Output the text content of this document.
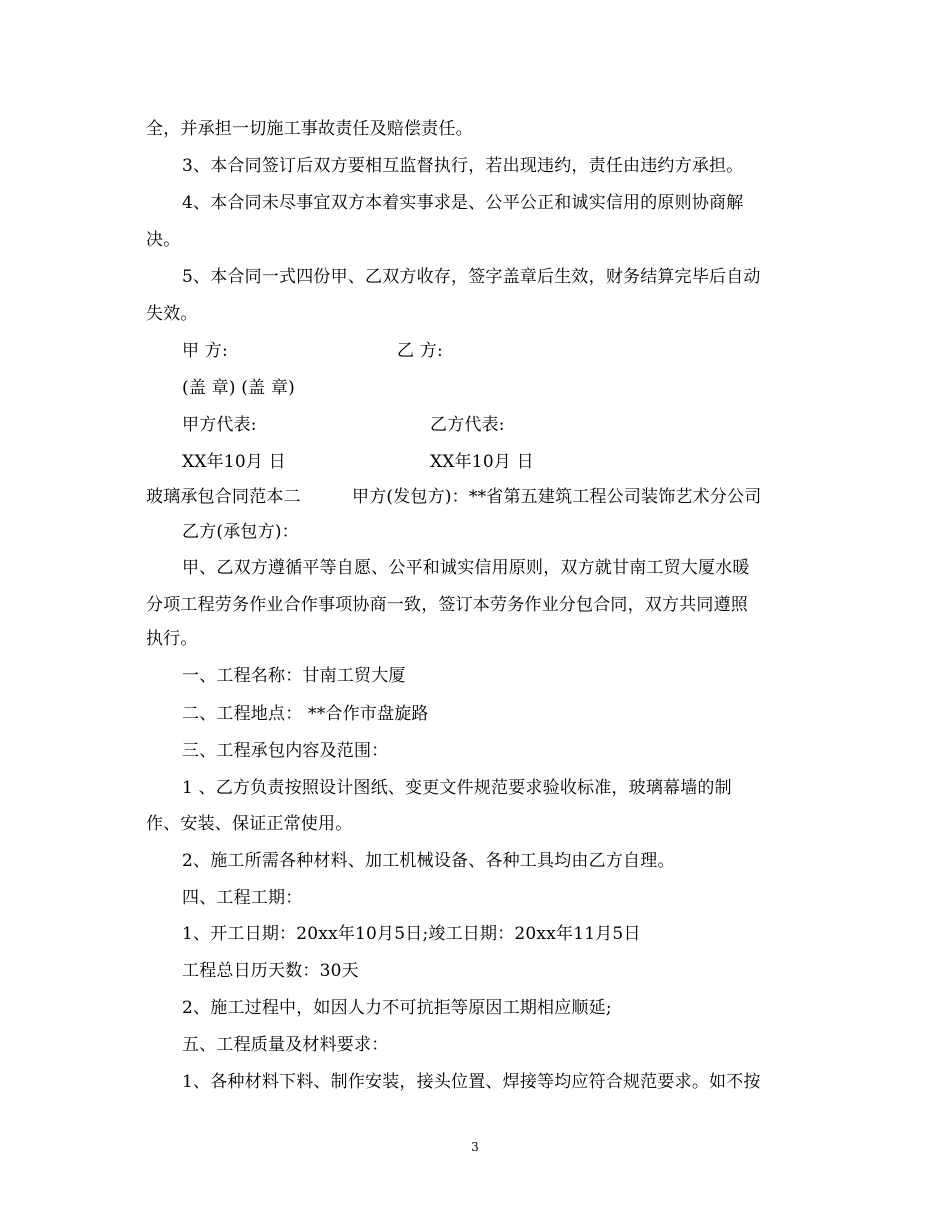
全，并承担一切施工事故责任及赔偿责任。
3、本合同签订后双方要相互监督执行，若出现违约，责任由违约方承担。
4、本合同未尽事宜双方本着实事求是、公平公正和诚实信用的原则协商解
决。
5、本合同一式四份甲、乙双方收存，签字盖章后生效，财务结算完毕后自动
失效。
甲 方:	乙 方:
(盖 章) (盖 章)
甲方代表:	乙方代表:
XX年10月 日	XX年10月 日
玻璃承包合同范本二	甲方(发包方)：**省第五建筑工程公司装饰艺术分公司
乙方(承包方)：
甲、乙双方遵循平等自愿、公平和诚实信用原则，双方就甘南工贸大厦水暖
分项工程劳务作业合作事项协商一致，签订本劳务作业分包合同，双方共同遵照
执行。
一、工程名称：甘南工贸大厦
二、工程地点： **合作市盘旋路
三、工程承包内容及范围：
1 、乙方负责按照设计图纸、变更文件规范要求验收标准，玻璃幕墙的制
作、安装、保证正常使用。
2、施工所需各种材料、加工机械设备、各种工具均由乙方自理。
四、工程工期：
1、开工日期：20xx年10月5日;竣工日期：20xx年11月5日
工程总日历天数：30天
2、施工过程中，如因人力不可抗拒等原因工期相应顺延;
五、工程质量及材料要求：
1、各种材料下料、制作安装，接头位置、焊接等均应符合规范要求。如不按
3
